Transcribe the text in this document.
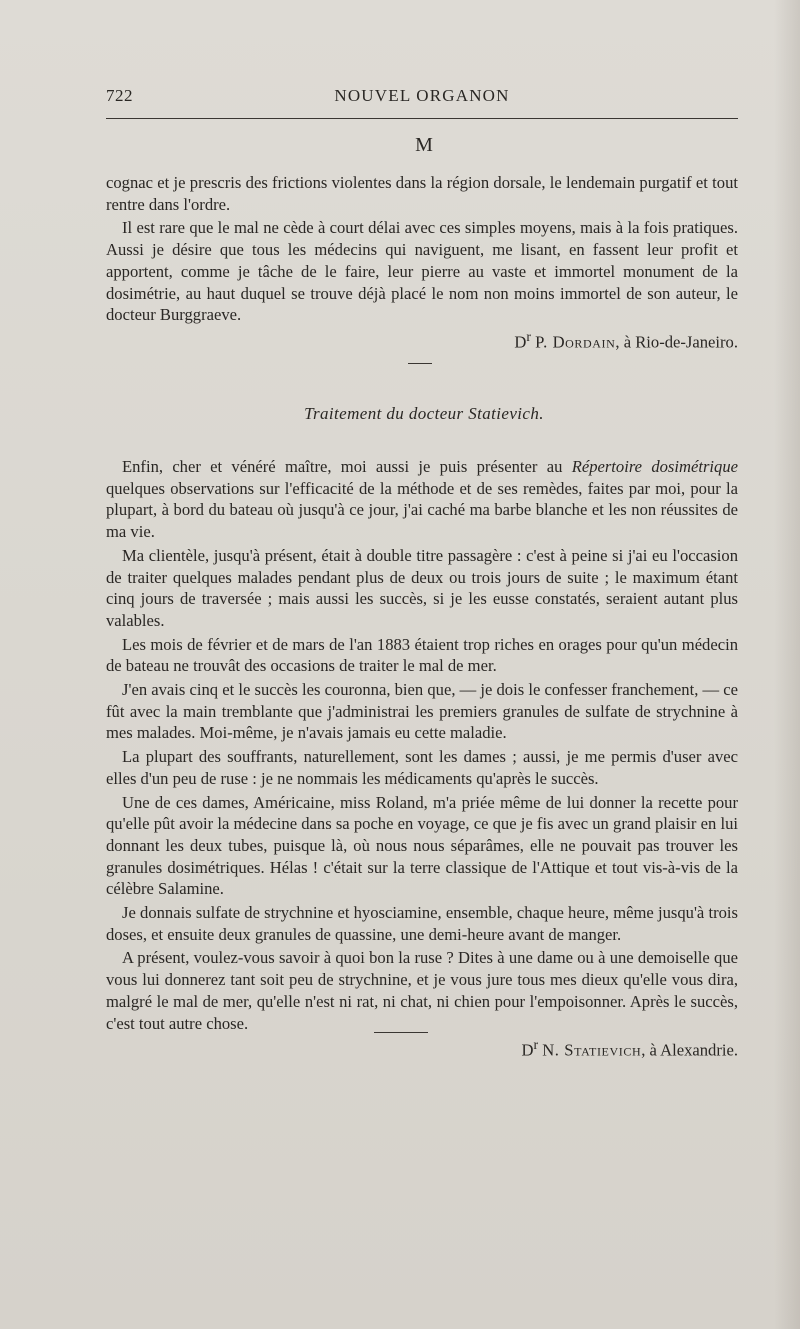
722	NOUVEL ORGANON
M

cognac et je prescris des frictions violentes dans la région dorsale, le lendemain purgatif et tout rentre dans l'ordre.

Il est rare que le mal ne cède à court délai avec ces simples moyens, mais à la fois pratiques. Aussi je désire que tous les médecins qui naviguent, me lisant, en fassent leur profit et apportent, comme je tâche de le faire, leur pierre au vaste et immortel monument de la dosimétrie, au haut duquel se trouve déjà placé le nom non moins immortel de son auteur, le docteur Burggraeve.

$D^r$ P. Dordain, à Rio-de-Janeiro.

Traitement du docteur Statievich.

Enfin, cher et vénéré maître, moi aussi je puis présenter au Répertoire dosimétrique quelques observations sur l'efficacité de la méthode et de ses remèdes, faites par moi, pour la plupart, à bord du bateau où jusqu'à ce jour, j'ai caché ma barbe blanche et les non réussites de ma vie.

Ma clientèle, jusqu'à présent, était à double titre passagère : c'est à peine si j'ai eu l'occasion de traiter quelques malades pendant plus de deux ou trois jours de suite ; le maximum étant cinq jours de traversée ; mais aussi les succès, si je les eusse constatés, seraient autant plus valables.

Les mois de février et de mars de l'an 1883 étaient trop riches en orages pour qu'un médecin de bateau ne trouvât des occasions de traiter le mal de mer.

J'en avais cinq et le succès les couronna, bien que, — je dois le confesser franchement, — ce fût avec la main tremblante que j'administrai les premiers granules de sulfate de strychnine à mes malades. Moi-même, je n'avais jamais eu cette maladie.

La plupart des souffrants, naturellement, sont les dames ; aussi, je me permis d'user avec elles d'un peu de ruse : je ne nommais les médicaments qu'après le succès.

Une de ces dames, Américaine, miss Roland, m'a priée même de lui donner la recette pour qu'elle pût avoir la médecine dans sa poche en voyage, ce que je fis avec un grand plaisir en lui donnant les deux tubes, puisque là, où nous nous séparâmes, elle ne pouvait pas trouver les granules dosimétriques. Hélas ! c'était sur la terre classique de l'Attique et tout vis-à-vis de la célèbre Salamine.

Je donnais sulfate de strychnine et hyosciamine, ensemble, chaque heure, même jusqu'à trois doses, et ensuite deux granules de quassine, une demi-heure avant de manger.

A présent, voulez-vous savoir à quoi bon la ruse ? Dites à une dame ou à une demoiselle que vous lui donnerez tant soit peu de strychnine, et je vous jure tous mes dieux qu'elle vous dira, malgré le mal de mer, qu'elle n'est ni rat, ni chat, ni chien pour l'empoisonner. Après le succès, c'est tout autre chose.

$D^r$ N. Statievich, à Alexandrie.
